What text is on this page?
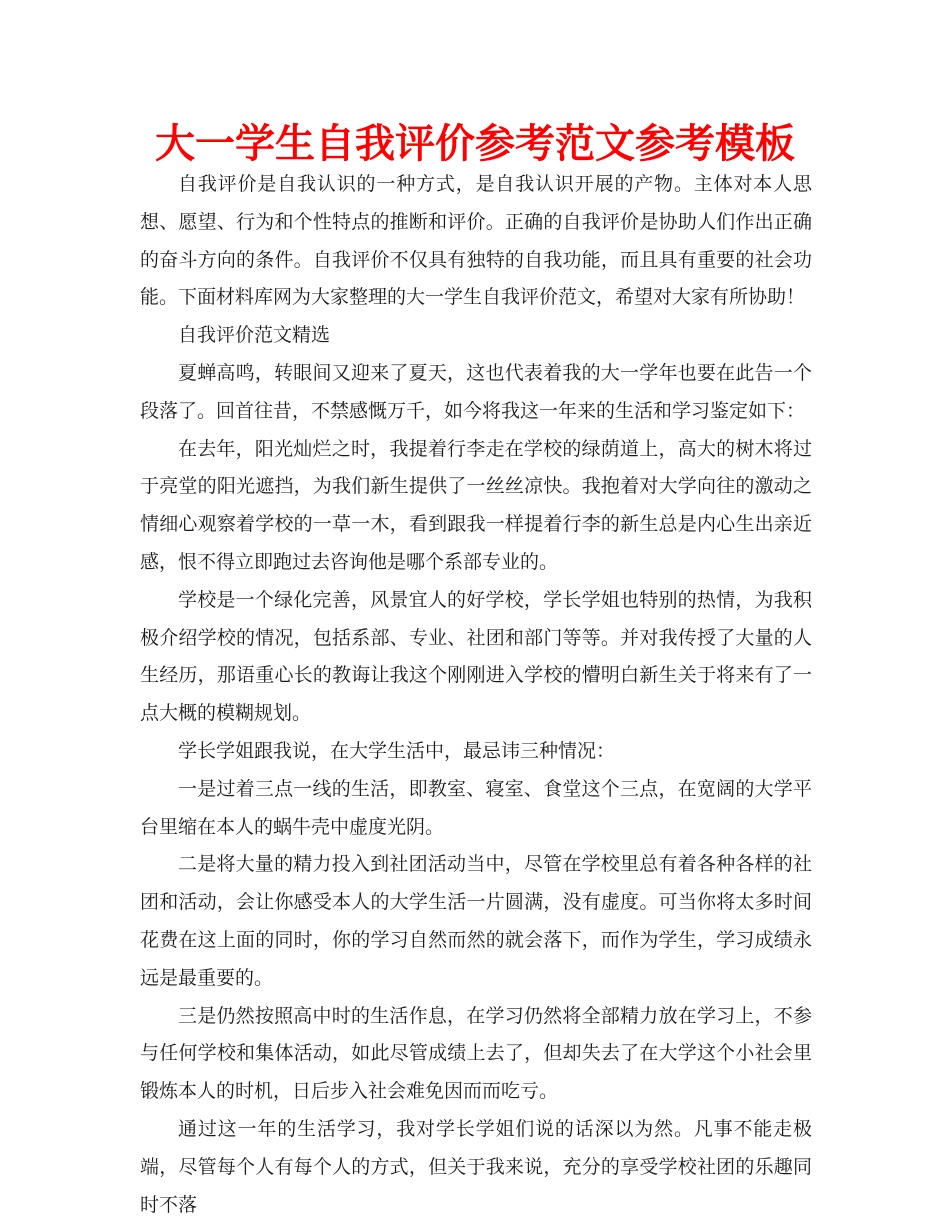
大一学生自我评价参考范文参考模板

自我评价是自我认识的一种方式，是自我认识开展的产物。主体对本人思想、愿望、行为和个性特点的推断和评价。正确的自我评价是协助人们作出正确的奋斗方向的条件。自我评价不仅具有独特的自我功能，而且具有重要的社会功能。下面材料库网为大家整理的大一学生自我评价范文，希望对大家有所协助！

自我评价范文精选

夏蝉高鸣，转眼间又迎来了夏天，这也代表着我的大一学年也要在此告一个段落了。回首往昔，不禁感慨万千，如今将我这一年来的生活和学习鉴定如下：

在去年，阳光灿烂之时，我提着行李走在学校的绿荫道上，高大的树木将过于亮堂的阳光遮挡，为我们新生提供了一丝丝凉快。我抱着对大学向往的激动之情细心观察着学校的一草一木，看到跟我一样提着行李的新生总是内心生出亲近感，恨不得立即跑过去咨询他是哪个系部专业的。

学校是一个绿化完善，风景宜人的好学校，学长学姐也特别的热情，为我积极介绍学校的情况，包括系部、专业、社团和部门等等。并对我传授了大量的人生经历，那语重心长的教诲让我这个刚刚进入学校的懵明白新生关于将来有了一点大概的模糊规划。

学长学姐跟我说，在大学生活中，最忌讳三种情况：

一是过着三点一线的生活，即教室、寝室、食堂这个三点，在宽阔的大学平台里缩在本人的蜗牛壳中虚度光阴。

二是将大量的精力投入到社团活动当中，尽管在学校里总有着各种各样的社团和活动，会让你感受本人的大学生活一片圆满，没有虚度。可当你将太多时间花费在这上面的同时，你的学习自然而然的就会落下，而作为学生，学习成绩永远是最重要的。

三是仍然按照高中时的生活作息，在学习仍然将全部精力放在学习上，不参与任何学校和集体活动，如此尽管成绩上去了，但却失去了在大学这个小社会里锻炼本人的时机，日后步入社会难免因而而吃亏。

通过这一年的生活学习，我对学长学姐们说的话深以为然。凡事不能走极端，尽管每个人有每个人的方式，但关于我来说，充分的享受学校社团的乐趣同时不落
